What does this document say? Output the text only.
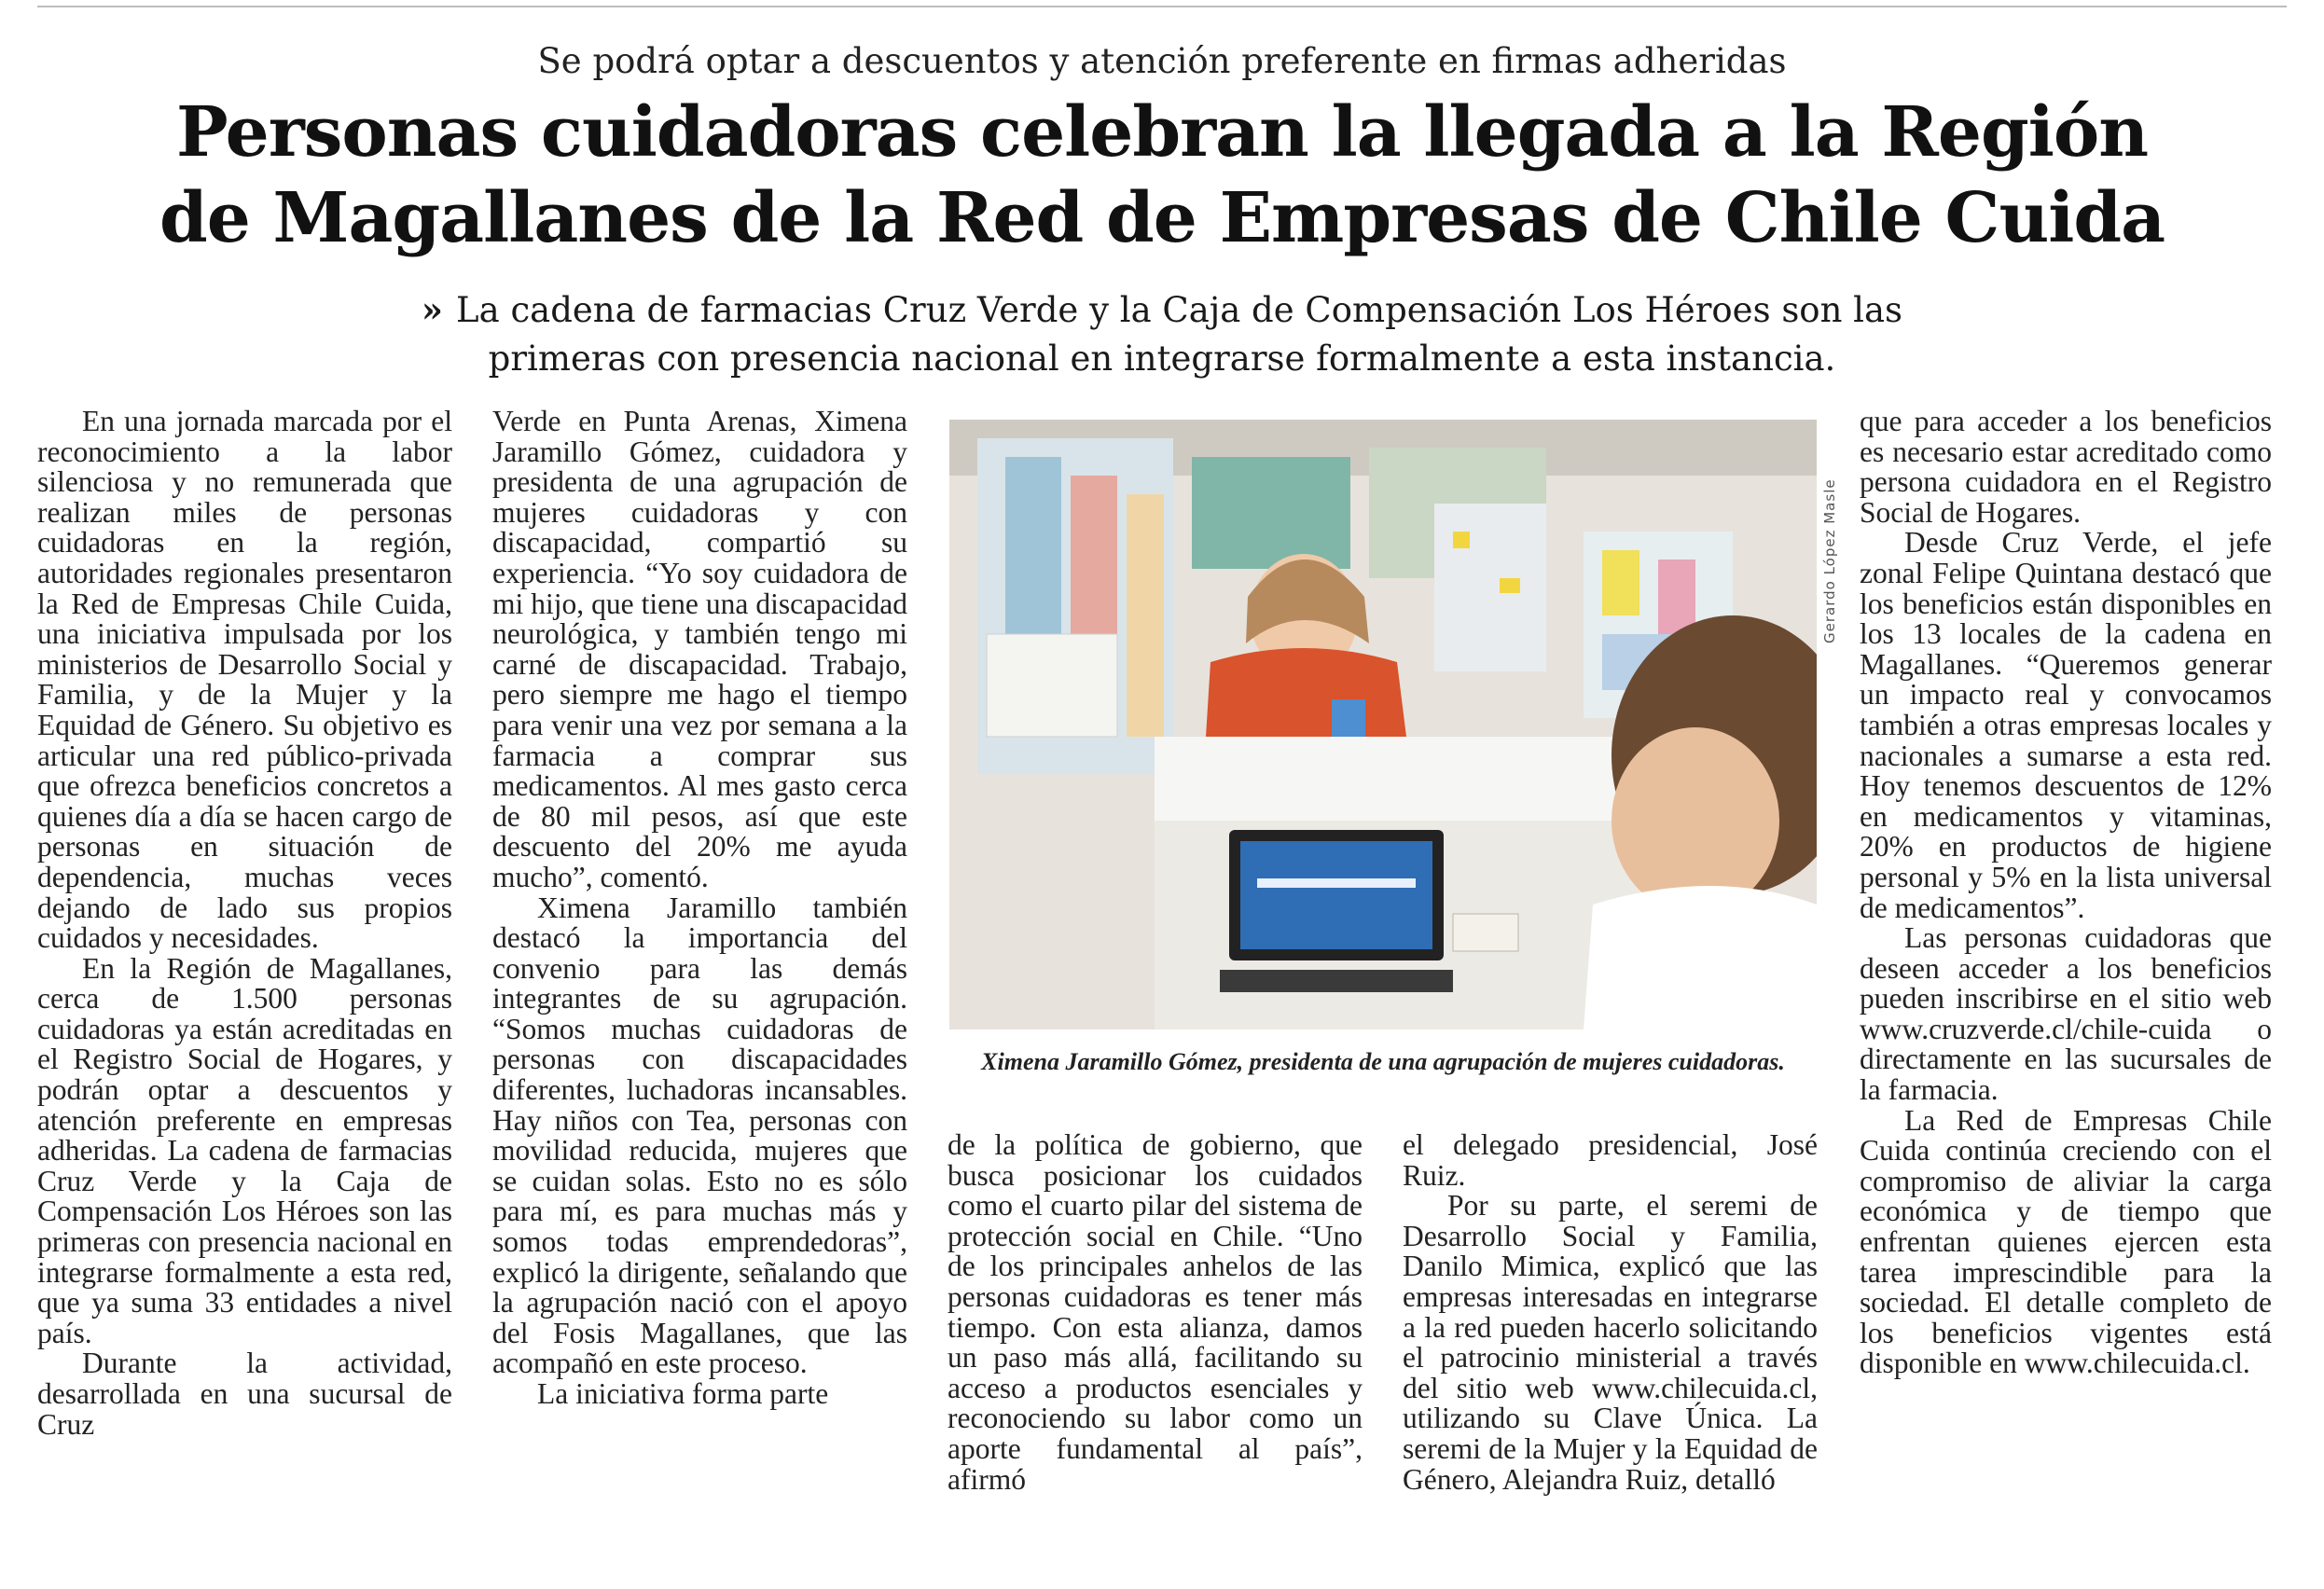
Se podrá optar a descuentos y atención preferente en firmas adheridas
Personas cuidadoras celebran la llegada a la Región
de Magallanes de la Red de Empresas de Chile Cuida
» La cadena de farmacias Cruz Verde y la Caja de Compensación Los Héroes son las
primeras con presencia nacional en integrarse formalmente a esta instancia.

En una jornada marcada por el reconocimiento a la labor silenciosa y no remunerada que realizan miles de personas cuidadoras en la región, autoridades regionales presentaron la Red de Empresas Chile Cuida, una iniciativa impulsada por los ministerios de Desarrollo Social y Familia, y de la Mujer y la Equidad de Género. Su objetivo es articular una red público-privada que ofrezca beneficios concretos a quienes día a día se hacen cargo de personas en situación de dependencia, muchas veces dejando de lado sus propios cuidados y necesidades.

En la Región de Magallanes, cerca de 1.500 personas cuidadoras ya están acreditadas en el Registro Social de Hogares, y podrán optar a descuentos y atención preferente en empresas adheridas. La cadena de farmacias Cruz Verde y la Caja de Compensación Los Héroes son las primeras con presencia nacional en integrarse formalmente a esta red, que ya suma 33 entidades a nivel país.

Durante la actividad, desarrollada en una sucursal de Cruz

Verde en Punta Arenas, Ximena Jaramillo Gómez, cuidadora y presidenta de una agrupación de mujeres cuidadoras y con discapacidad, compartió su experiencia. “Yo soy cuidadora de mi hijo, que tiene una discapacidad neurológica, y también tengo mi carné de discapacidad. Trabajo, pero siempre me hago el tiempo para venir una vez por semana a la farmacia a comprar sus medicamentos. Al mes gasto cerca de 80 mil pesos, así que este descuento del 20% me ayuda mucho”, comentó.

Ximena Jaramillo también destacó la importancia del convenio para las demás integrantes de su agrupación. “Somos muchas cuidadoras de personas con discapacidades diferentes, luchadoras incansables. Hay niños con Tea, personas con movilidad reducida, mujeres que se cuidan solas. Esto no es sólo para mí, es para muchas más y somos todas emprendedoras”, explicó la dirigente, señalando que la agrupación nació con el apoyo del Fosis Magallanes, que las acompañó en este proceso.

La iniciativa forma parte

Gerardo López Masle
Ximena Jaramillo Gómez, presidenta de una agrupación de mujeres cuidadoras.

de la política de gobierno, que busca posicionar los cuidados como el cuarto pilar del sistema de protección social en Chile. “Uno de los principales anhelos de las personas cuidadoras es tener más tiempo. Con esta alianza, damos un paso más allá, facilitando su acceso a productos esenciales y reconociendo su labor como un aporte fundamental al país”, afirmó

el delegado presidencial, José Ruiz.

Por su parte, el seremi de Desarrollo Social y Familia, Danilo Mimica, explicó que las empresas interesadas en integrarse a la red pueden hacerlo solicitando el patrocinio ministerial a través del sitio web www.chilecuida.cl, utilizando su Clave Única. La seremi de la Mujer y la Equidad de Género, Alejandra Ruiz, detalló

que para acceder a los beneficios es necesario estar acreditado como persona cuidadora en el Registro Social de Hogares.

Desde Cruz Verde, el jefe zonal Felipe Quintana destacó que los beneficios están disponibles en los 13 locales de la cadena en Magallanes. “Queremos generar un impacto real y convocamos también a otras empresas locales y nacionales a sumarse a esta red. Hoy tenemos descuentos de 12% en medicamentos y vitaminas, 20% en productos de higiene personal y 5% en la lista universal de medicamentos”.

Las personas cuidadoras que deseen acceder a los beneficios pueden inscribirse en el sitio web www.cruzverde.cl/chile-cuida o directamente en las sucursales de la farmacia.

La Red de Empresas Chile Cuida continúa creciendo con el compromiso de aliviar la carga económica y de tiempo que enfrentan quienes ejercen esta tarea imprescindible para la sociedad. El detalle completo de los beneficios vigentes está disponible en www.chilecuida.cl.
